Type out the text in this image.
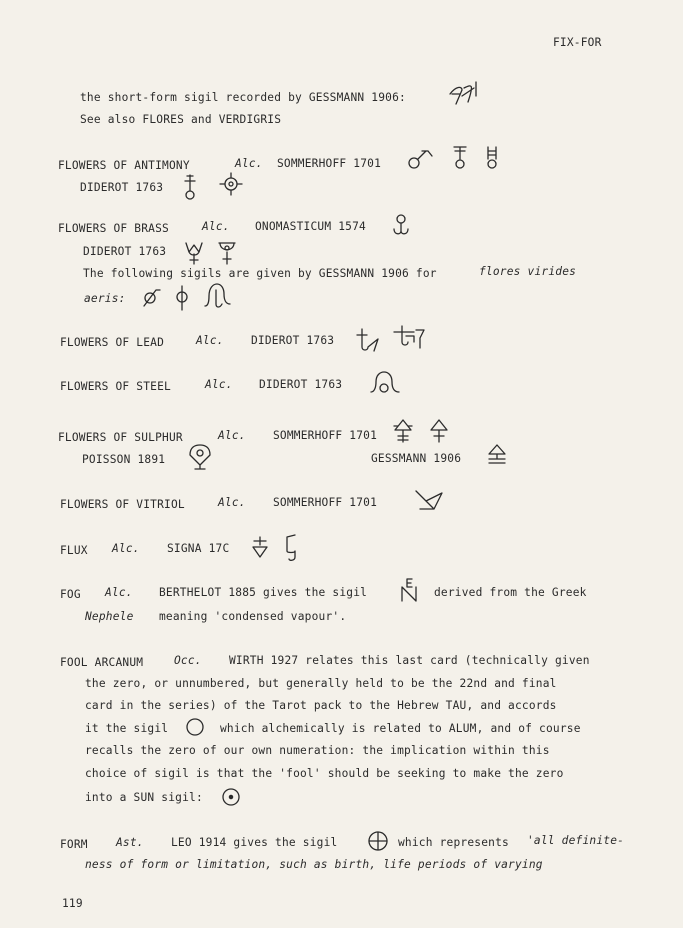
FIX-FOR
the short-form sigil recorded by GESSMANN 1906:
See also FLORES and VERDIGRIS
FLOWERS OF ANTIMONY	Alc. SOMMERHOFF 1701
DIDEROT 1763
FLOWERS OF BRASS	Alc. ONOMASTICUM 1574
DIDEROT 1763
The following sigils are given by GESSMANN 1906 for	flores virides
aeris:
FLOWERS OF LEAD	Alc. DIDEROT 1763
FLOWERS OF STEEL	Alc. DIDEROT 1763
FLOWERS OF SULPHUR	Alc. SOMMERHOFF 1701
POISSON 1891	GESSMANN 1906
FLOWERS OF VITRIOL	Alc. SOMMERHOFF 1701
FLUX Alc. SIGNA 17C
FOG Alc. BERTHELOT 1885 gives the sigil	derived from the Greek
Nephele meaning 'condensed vapour'.
FOOL ARCANUM	Occ. WIRTH 1927 relates this last card (technically given
the zero, or unnumbered, but generally held to be the 22nd and final
card in the series) of the Tarot pack to the Hebrew TAU, and accords
it the sigil	which alchemically is related to ALUM, and of course
recalls the zero of our own numeration: the implication within this
choice of sigil is that the 'fool' should be seeking to make the zero
into a SUN sigil:
FORM	Ast. LEO 1914 gives the sigil	which represents 'all definite-
ness of form or limitation, such as birth, life periods of varying
119
